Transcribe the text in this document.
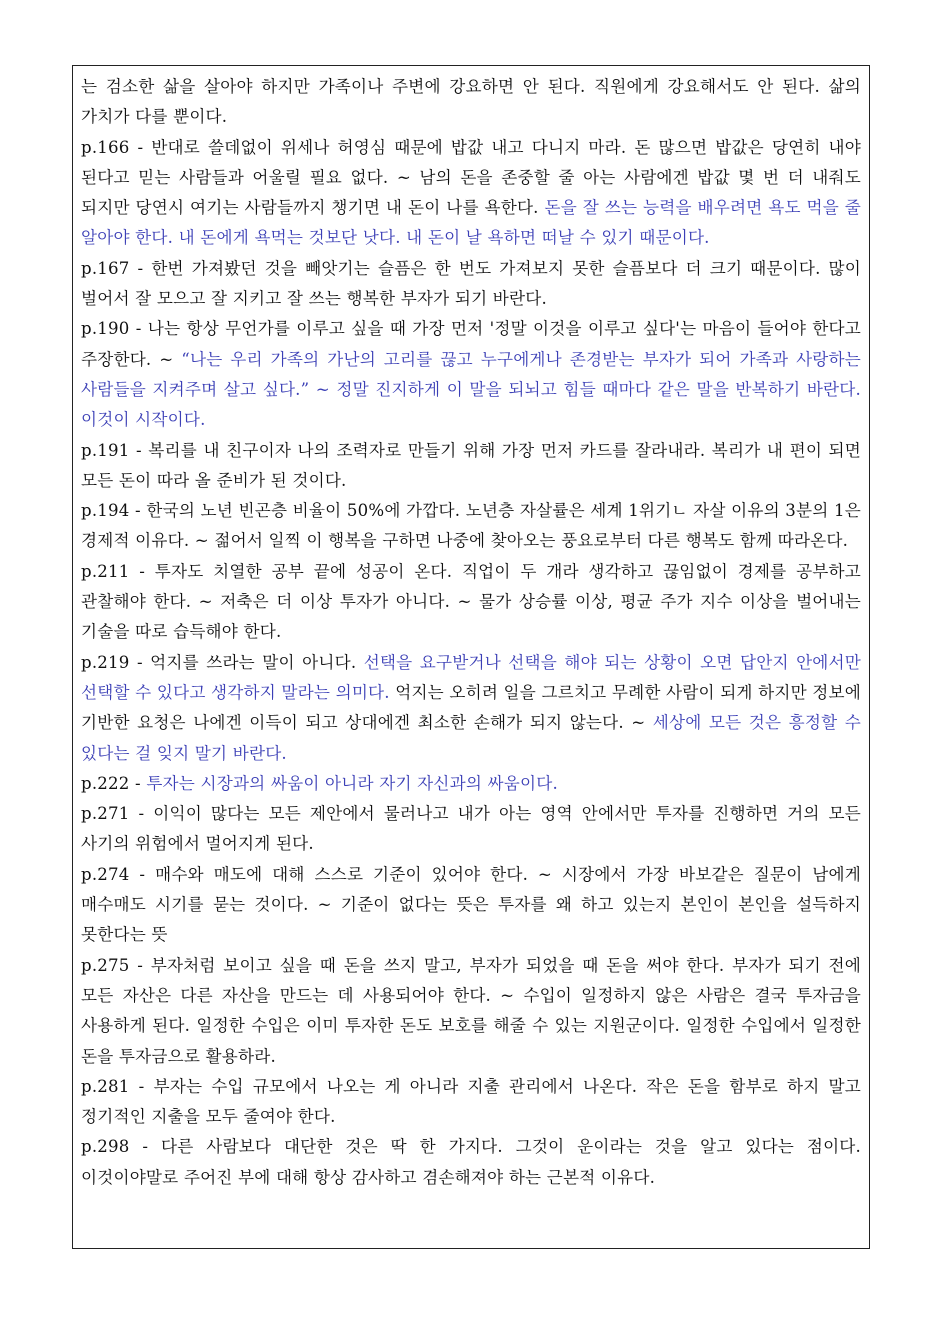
는 검소한 삶을 살아야 하지만 가족이나 주변에 강요하면 안 된다. 직원에게 강요해서도 안 된다. 삶의 가치가 다를 뿐이다.

p.166 - 반대로 쓸데없이 위세나 허영심 때문에 밥값 내고 다니지 마라. 돈 많으면 밥값은 당연히 내야 된다고 믿는 사람들과 어울릴 필요 없다. ~ 남의 돈을 존중할 줄 아는 사람에겐 밥값 몇 번 더 내줘도 되지만 당연시 여기는 사람들까지 챙기면 내 돈이 나를 욕한다. 돈을 잘 쓰는 능력을 배우려면 욕도 먹을 줄 알아야 한다. 내 돈에게 욕먹는 것보단 낫다. 내 돈이 날 욕하면 떠날 수 있기 때문이다.

p.167 - 한번 가져봤던 것을 빼앗기는 슬픔은 한 번도 가져보지 못한 슬픔보다 더 크기 때문이다. 많이 벌어서 잘 모으고 잘 지키고 잘 쓰는 행복한 부자가 되기 바란다.

p.190 - 나는 항상 무언가를 이루고 싶을 때 가장 먼저 '정말 이것을 이루고 싶다'는 마음이 들어야 한다고 주장한다. ~ “나는 우리 가족의 가난의 고리를 끊고 누구에게나 존경받는 부자가 되어 가족과 사랑하는 사람들을 지켜주며 살고 싶다.” ~ 정말 진지하게 이 말을 되뇌고 힘들 때마다 같은 말을 반복하기 바란다. 이것이 시작이다.

p.191 - 복리를 내 친구이자 나의 조력자로 만들기 위해 가장 먼저 카드를 잘라내라. 복리가 내 편이 되면 모든 돈이 따라 올 준비가 된 것이다.

p.194 - 한국의 노년 빈곤층 비율이 50%에 가깝다. 노년층 자살률은 세계 1위기ㄴ 자살 이유의 3분의 1은 경제적 이유다. ~ 젊어서 일찍 이 행복을 구하면 나중에 찾아오는 풍요로부터 다른 행복도 함께 따라온다.

p.211 - 투자도 치열한 공부 끝에 성공이 온다. 직업이 두 개라 생각하고 끊임없이 경제를 공부하고 관찰해야 한다. ~ 저축은 더 이상 투자가 아니다. ~ 물가 상승률 이상, 평균 주가 지수 이상을 벌어내는 기술을 따로 습득해야 한다.

p.219 - 억지를 쓰라는 말이 아니다. 선택을 요구받거나 선택을 해야 되는 상황이 오면 답안지 안에서만 선택할 수 있다고 생각하지 말라는 의미다. 억지는 오히려 일을 그르치고 무례한 사람이 되게 하지만 정보에 기반한 요청은 나에겐 이득이 되고 상대에겐 최소한 손해가 되지 않는다. ~ 세상에 모든 것은 흥정할 수 있다는 걸 잊지 말기 바란다.

p.222 - 투자는 시장과의 싸움이 아니라 자기 자신과의 싸움이다.

p.271 - 이익이 많다는 모든 제안에서 물러나고 내가 아는 영역 안에서만 투자를 진행하면 거의 모든 사기의 위험에서 멀어지게 된다.

p.274 - 매수와 매도에 대해 스스로 기준이 있어야 한다. ~ 시장에서 가장 바보같은 질문이 남에게 매수매도 시기를 묻는 것이다. ~ 기준이 없다는 뜻은 투자를 왜 하고 있는지 본인이 본인을 설득하지 못한다는 뜻

p.275 - 부자처럼 보이고 싶을 때 돈을 쓰지 말고, 부자가 되었을 때 돈을 써야 한다. 부자가 되기 전에 모든 자산은 다른 자산을 만드는 데 사용되어야 한다. ~ 수입이 일정하지 않은 사람은 결국 투자금을 사용하게 된다. 일정한 수입은 이미 투자한 돈도 보호를 해줄 수 있는 지원군이다. 일정한 수입에서 일정한 돈을 투자금으로 활용하라.

p.281 - 부자는 수입 규모에서 나오는 게 아니라 지출 관리에서 나온다. 작은 돈을 함부로 하지 말고 정기적인 지출을 모두 줄여야 한다.

p.298 - 다른 사람보다 대단한 것은 딱 한 가지다. 그것이 운이라는 것을 알고 있다는 점이다. 이것이야말로 주어진 부에 대해 항상 감사하고 겸손해져야 하는 근본적 이유다.
